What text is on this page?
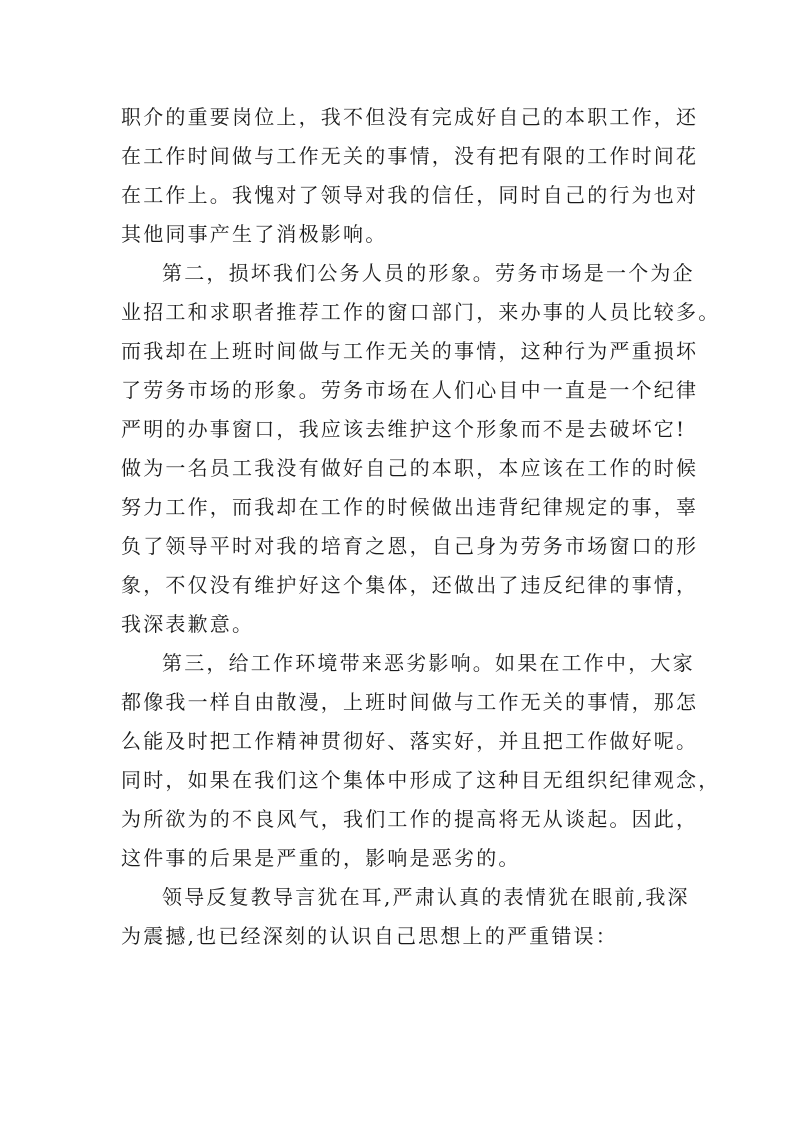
职介的重要岗位上，我不但没有完成好自己的本职工作，还
在工作时间做与工作无关的事情，没有把有限的工作时间花
在工作上。我愧对了领导对我的信任，同时自己的行为也对
其他同事产生了消极影响。
第二，损坏我们公务人员的形象。劳务市场是一个为企
业招工和求职者推荐工作的窗口部门，来办事的人员比较多。
而我却在上班时间做与工作无关的事情，这种行为严重损坏
了劳务市场的形象。劳务市场在人们心目中一直是一个纪律
严明的办事窗口，我应该去维护这个形象而不是去破坏它!
做为一名员工我没有做好自己的本职，本应该在工作的时候
努力工作，而我却在工作的时候做出违背纪律规定的事，辜
负了领导平时对我的培育之恩，自己身为劳务市场窗口的形
象，不仅没有维护好这个集体，还做出了违反纪律的事情，
我深表歉意。
第三，给工作环境带来恶劣影响。如果在工作中，大家
都像我一样自由散漫，上班时间做与工作无关的事情，那怎
么能及时把工作精神贯彻好、落实好，并且把工作做好呢。
同时，如果在我们这个集体中形成了这种目无组织纪律观念，
为所欲为的不良风气，我们工作的提高将无从谈起。因此，
这件事的后果是严重的，影响是恶劣的。
领导反复教导言犹在耳,严肃认真的表情犹在眼前,我深
为震撼,也已经深刻的认识自己思想上的严重错误：
